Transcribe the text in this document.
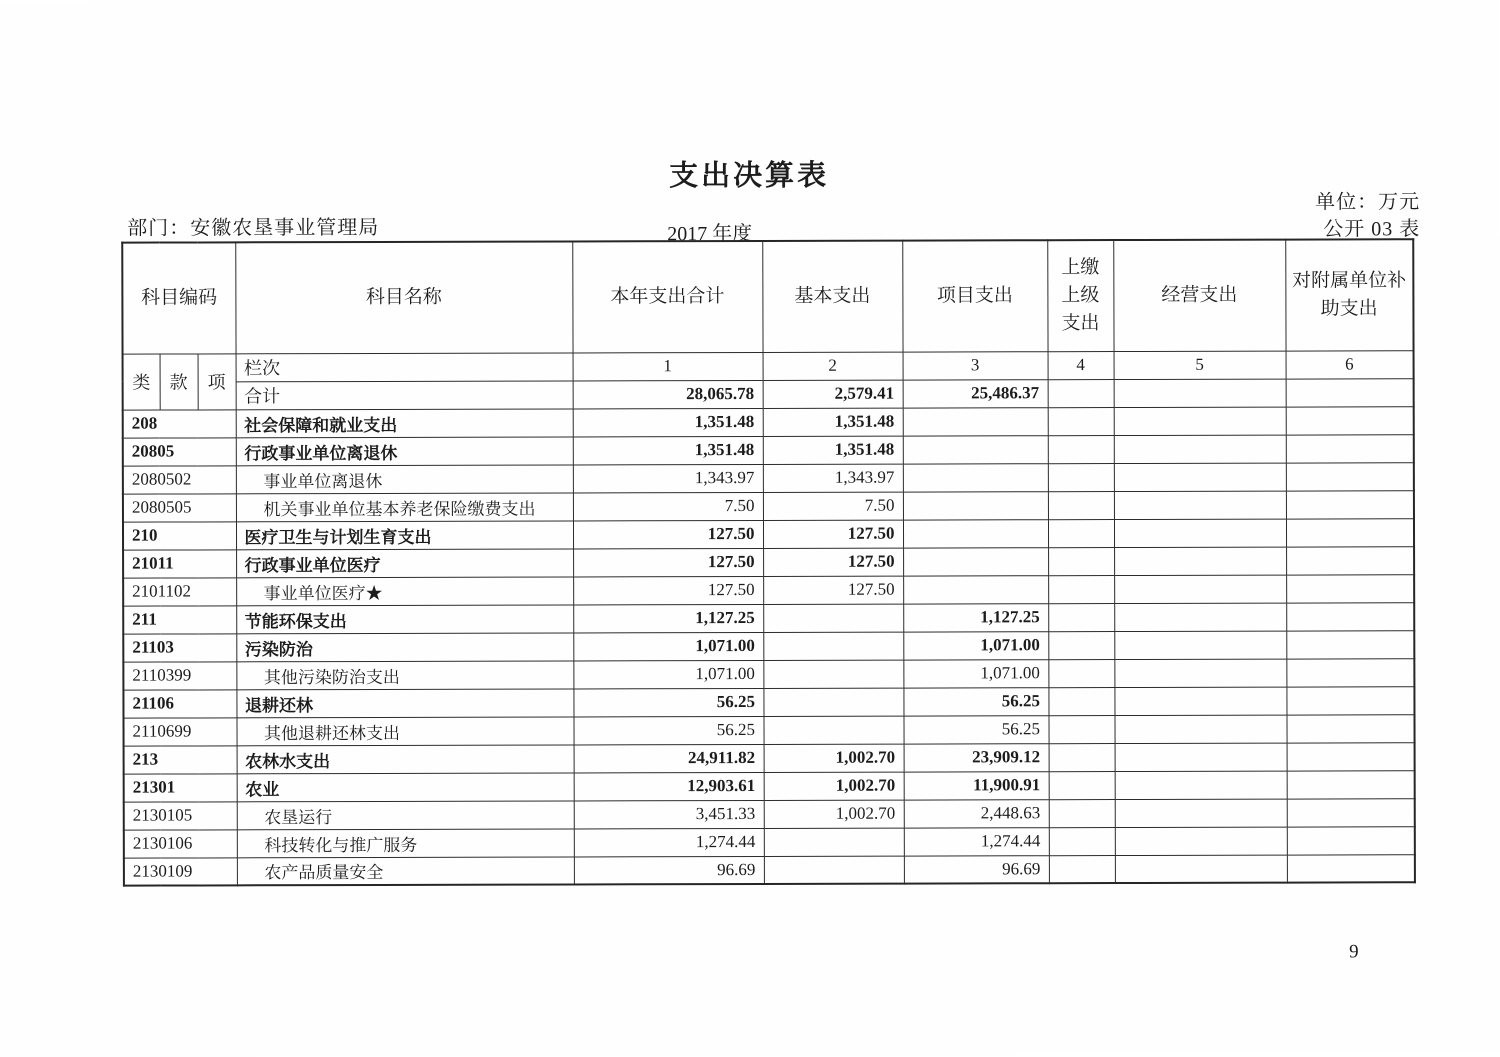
支出决算表
部门：安徽农垦事业管理局	2017 年度
单位：万元
公开 03 表
科目编码			科目名称	本年支出合计	基本支出	项目支出	上缴上级支出	经营支出	对附属单位补助支出
类	款	项	栏次	1	2	3	4	5	6
			合计	28,065.78	2,579.41	25,486.37			
208			社会保障和就业支出	1,351.48	1,351.48				
20805			行政事业单位离退休	1,351.48	1,351.48				
2080502			事业单位离退休	1,343.97	1,343.97				
2080505			机关事业单位基本养老保险缴费支出	7.50	7.50				
210			医疗卫生与计划生育支出	127.50	127.50				
21011			行政事业单位医疗	127.50	127.50				
2101102			事业单位医疗★	127.50	127.50				
211			节能环保支出	1,127.25		1,127.25			
21103			污染防治	1,071.00		1,071.00			
2110399			其他污染防治支出	1,071.00		1,071.00			
21106			退耕还林	56.25		56.25			
2110699			其他退耕还林支出	56.25		56.25			
213			农林水支出	24,911.82	1,002.70	23,909.12			
21301			农业	12,903.61	1,002.70	11,900.91			
2130105			农垦运行	3,451.33	1,002.70	2,448.63			
2130106			科技转化与推广服务	1,274.44		1,274.44			
2130109			农产品质量安全	96.69		96.69			
9
